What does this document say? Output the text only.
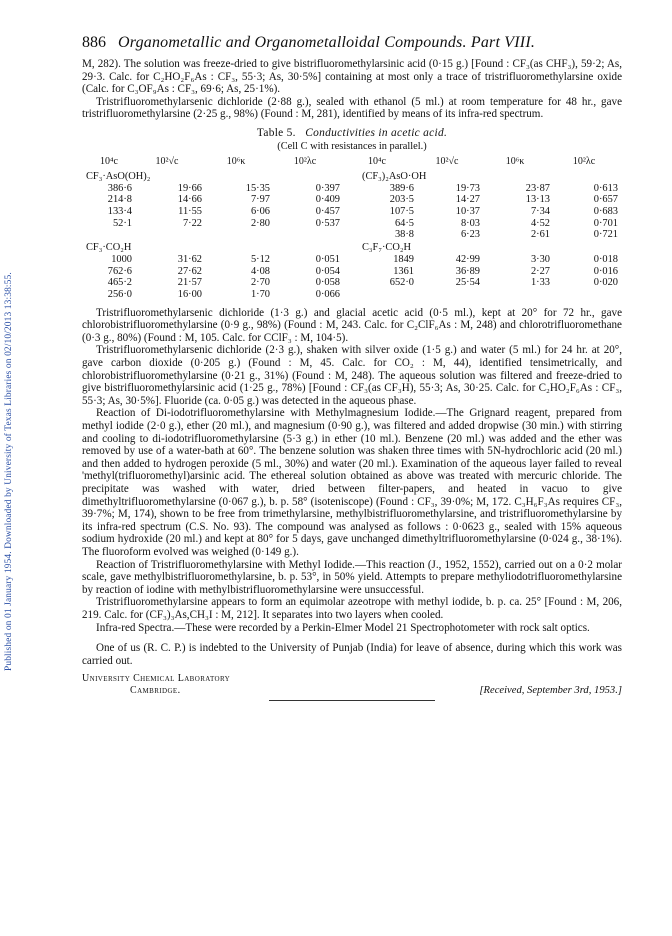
Published on 01 January 1954. Downloaded by University of Texas Libraries on 02/10/2013 13:38:55.
886 Organometallic and Organometalloidal Compounds. Part VIII.

M, 282). The solution was freeze-dried to give bistrifluoromethylarsinic acid (0·15 g.) [Found : CF₃(as CHF₃), 59·2; As, 29·3. Calc. for C₂HO₂F₆As : CF₃, 55·3; As, 30·5%] containing at most only a trace of tristrifluoromethylarsine oxide (Calc. for C₃OF₉As : CF₃, 69·6; As, 25·1%).

Tristrifluoromethylarsenic dichloride (2·88 g.), sealed with ethanol (5 ml.) at room temperature for 48 hr., gave tristrifluoromethylarsine (2·25 g., 98%) (Found : M, 281), identified by means of its infra-red spectrum.

Table 5. Conductivities in acetic acid.
(Cell C with resistances in parallel.)
10⁴c	10²√c	10⁶κ	10²λc	10⁴c	10²√c	10⁶κ	10²λc
CF₃·AsO(OH)₂				(CF₃)₂AsO·OH			
386·6	19·66	15·35	0·397	389·6	19·73	23·87	0·613
214·8	14·66	7·97	0·409	203·5	14·27	13·13	0·657
133·4	11·55	6·06	0·457	107·5	10·37	7·34	0·683
52·1	7·22	2·80	0·537	64·5	8·03	4·52	0·701
				38·8	6·23	2·61	0·721
CF₃·CO₂H				C₃F₇·CO₂H			
1000	31·62	5·12	0·051	1849	42·99	3·30	0·018
762·6	27·62	4·08	0·054	1361	36·89	2·27	0·016
465·2	21·57	2·70	0·058	652·0	25·54	1·33	0·020
256·0	16·00	1·70	0·066				

Tristrifluoromethylarsenic dichloride (1·3 g.) and glacial acetic acid (0·5 ml.), kept at 20° for 72 hr., gave chlorobistrifluoromethylarsine (0·9 g., 98%) (Found : M, 243. Calc. for C₂ClF₆As : M, 248) and chlorotrifluoromethane (0·3 g., 80%) (Found : M, 105. Calc. for CClF₃ : M, 104·5).

Tristrifluoromethylarsenic dichloride (2·3 g.), shaken with silver oxide (1·5 g.) and water (5 ml.) for 24 hr. at 20°, gave carbon dioxide (0·205 g.) (Found : M, 45. Calc. for CO₂ : M, 44), identified tensimetrically, and chlorobistrifluoromethylarsine (0·21 g., 31%) (Found : M, 248). The aqueous solution was filtered and freeze-dried to give bistrifluoromethylarsinic acid (1·25 g., 78%) [Found : CF₃(as CF₃H), 55·3; As, 30·25. Calc. for C₂HO₂F₆As : CF₃, 55·3; As, 30·5%]. Fluoride (ca. 0·05 g.) was detected in the aqueous phase.

Reaction of Di-iodotrifluoromethylarsine with Methylmagnesium Iodide.—The Grignard reagent, prepared from methyl iodide (2·0 g.), ether (20 ml.), and magnesium (0·90 g.), was filtered and added dropwise (30 min.) with stirring and cooling to di-iodotrifluoromethylarsine (5·3 g.) in ether (10 ml.). Benzene (20 ml.) was added and the ether was removed by use of a water-bath at 60°. The benzene solution was shaken three times with 5N-hydrochloric acid (20 ml.) and then added to hydrogen peroxide (5 ml., 30%) and water (20 ml.). Examination of the aqueous layer failed to reveal 'methyl(trifluoromethyl)arsinic acid. The ethereal solution obtained as above was treated with mercuric chloride. The precipitate was washed with water, dried between filter-papers, and heated in vacuo to give dimethyltrifluoromethylarsine (0·067 g.), b. p. 58° (isoteniscope) (Found : CF₃, 39·0%; M, 172. C₃H₆F₃As requires CF₃, 39·7%; M, 174), shown to be free from trimethylarsine, methylbistrifluoromethylarsine, and tristrifluoromethylarsine by its infra-red spectrum (C.S. No. 93). The compound was analysed as follows : 0·0623 g., sealed with 15% aqueous sodium hydroxide (20 ml.) and kept at 80° for 5 days, gave unchanged dimethyltrifluoromethylarsine (0·024 g., 38·1%). The fluoroform evolved was weighed (0·149 g.).

Reaction of Tristrifluoromethylarsine with Methyl Iodide.—This reaction (J., 1952, 1552), carried out on a 0·2 molar scale, gave methylbistrifluoromethylarsine, b. p. 53°, in 50% yield. Attempts to prepare methyliodotrifluoromethylarsine by reaction of iodine with methylbistrifluoromethylarsine were unsuccessful.

Tristrifluoromethylarsine appears to form an equimolar azeotrope with methyl iodide, b. p. ca. 25° [Found : M, 206, 219. Calc. for (CF₃)₃As,CH₃I : M, 212]. It separates into two layers when cooled.

Infra-red Spectra.—These were recorded by a Perkin-Elmer Model 21 Spectrophotometer with rock salt optics.

One of us (R. C. P.) is indebted to the University of Punjab (India) for leave of absence, during which this work was carried out.

University Chemical Laboratory
Cambridge.	[Received, September 3rd, 1953.]
